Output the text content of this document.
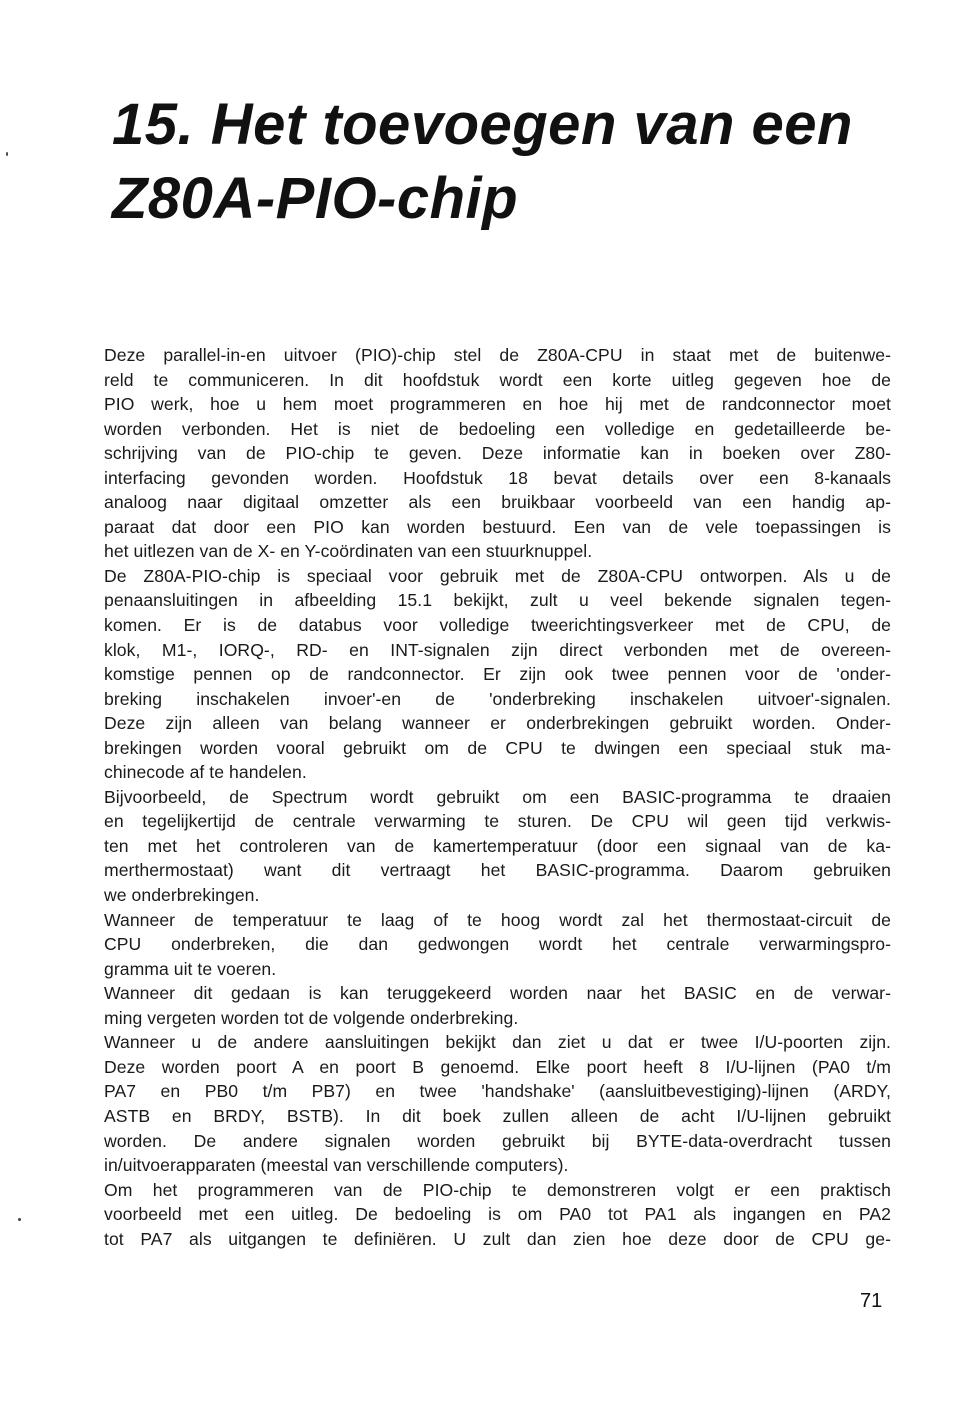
15. Het toevoegen van een
Z80A-PIO-chip
Deze parallel-in-en uitvoer (PIO)-chip stel de Z80A-CPU in staat met de buitenwe-
reld te communiceren. In dit hoofdstuk wordt een korte uitleg gegeven hoe de
PIO werk, hoe u hem moet programmeren en hoe hij met de randconnector moet
worden verbonden. Het is niet de bedoeling een volledige en gedetailleerde be-
schrijving van de PIO-chip te geven. Deze informatie kan in boeken over Z80-
interfacing gevonden worden. Hoofdstuk 18 bevat details over een 8-kanaals
analoog naar digitaal omzetter als een bruikbaar voorbeeld van een handig ap-
paraat dat door een PIO kan worden bestuurd. Een van de vele toepassingen is
het uitlezen van de X- en Y-coördinaten van een stuurknuppel.
De Z80A-PIO-chip is speciaal voor gebruik met de Z80A-CPU ontworpen. Als u de
penaansluitingen in afbeelding 15.1 bekijkt, zult u veel bekende signalen tegen-
komen. Er is de databus voor volledige tweerichtingsverkeer met de CPU, de
klok, M1-, IORQ-, RD- en INT-signalen zijn direct verbonden met de overeen-
komstige pennen op de randconnector. Er zijn ook twee pennen voor de 'onder-
breking inschakelen invoer'-en de 'onderbreking inschakelen uitvoer'-signalen.
Deze zijn alleen van belang wanneer er onderbrekingen gebruikt worden. Onder-
brekingen worden vooral gebruikt om de CPU te dwingen een speciaal stuk ma-
chinecode af te handelen.
Bijvoorbeeld, de Spectrum wordt gebruikt om een BASIC-programma te draaien
en tegelijkertijd de centrale verwarming te sturen. De CPU wil geen tijd verkwis-
ten met het controleren van de kamertemperatuur (door een signaal van de ka-
merthermostaat) want dit vertraagt het BASIC-programma. Daarom gebruiken
we onderbrekingen.
Wanneer de temperatuur te laag of te hoog wordt zal het thermostaat-circuit de
CPU onderbreken, die dan gedwongen wordt het centrale verwarmingspro-
gramma uit te voeren.
Wanneer dit gedaan is kan teruggekeerd worden naar het BASIC en de verwar-
ming vergeten worden tot de volgende onderbreking.
Wanneer u de andere aansluitingen bekijkt dan ziet u dat er twee I/U-poorten zijn.
Deze worden poort A en poort B genoemd. Elke poort heeft 8 I/U-lijnen (PA0 t/m
PA7 en PB0 t/m PB7) en twee 'handshake' (aansluitbevestiging)-lijnen (ARDY,
ASTB en BRDY, BSTB). In dit boek zullen alleen de acht I/U-lijnen gebruikt
worden. De andere signalen worden gebruikt bij BYTE-data-overdracht tussen
in/uitvoerapparaten (meestal van verschillende computers).
Om het programmeren van de PIO-chip te demonstreren volgt er een praktisch
voorbeeld met een uitleg. De bedoeling is om PA0 tot PA1 als ingangen en PA2
tot PA7 als uitgangen te definiëren. U zult dan zien hoe deze door de CPU ge-
71
